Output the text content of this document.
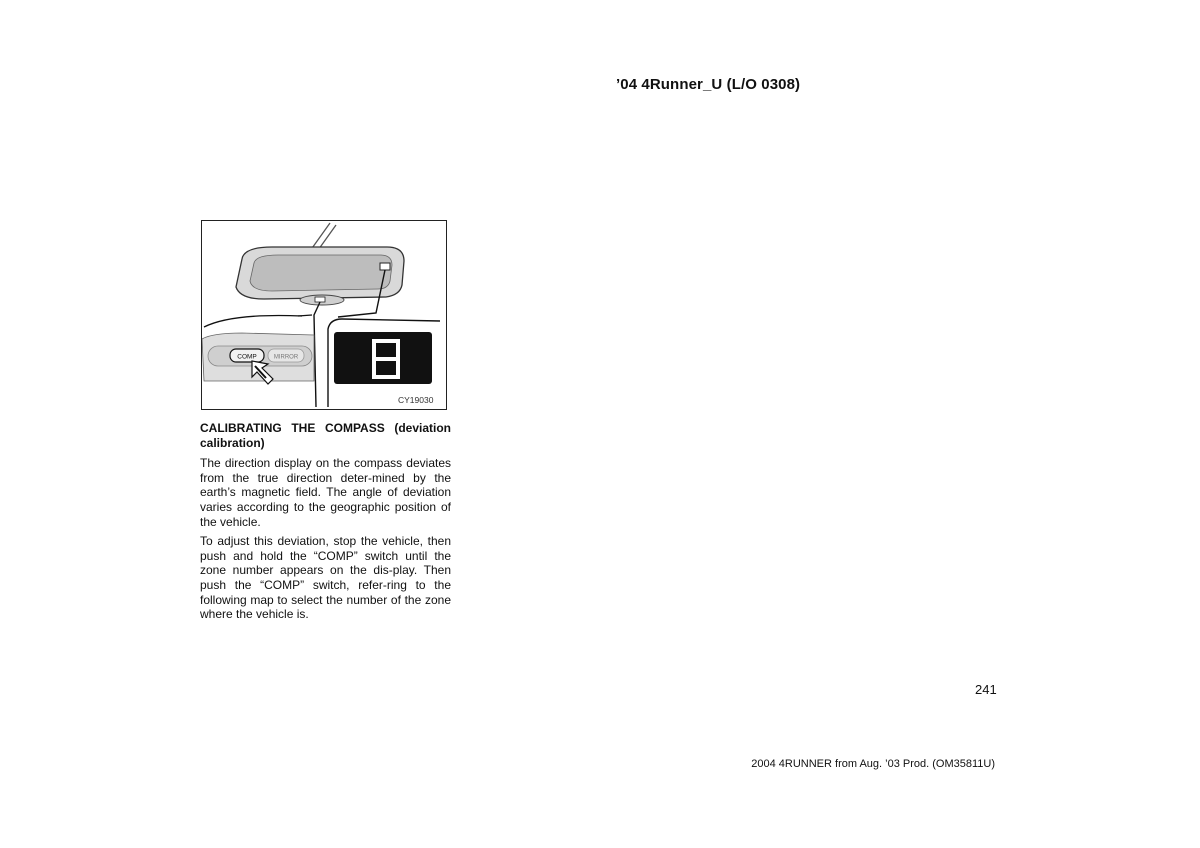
’04 4Runner_U (L/O 0308)
COMP	MIRROR
CY19030
CALIBRATING THE COMPASS (deviation calibration)

The direction display on the compass deviates from the true direction deter-mined by the earth’s magnetic field. The angle of deviation varies according to the geographic position of the vehicle.

To adjust this deviation, stop the vehicle, then push and hold the “COMP” switch until the zone number appears on the dis-play. Then push the “COMP” switch, refer-ring to the following map to select the number of the zone where the vehicle is.

241
2004 4RUNNER from Aug. ’03 Prod. (OM35811U)
